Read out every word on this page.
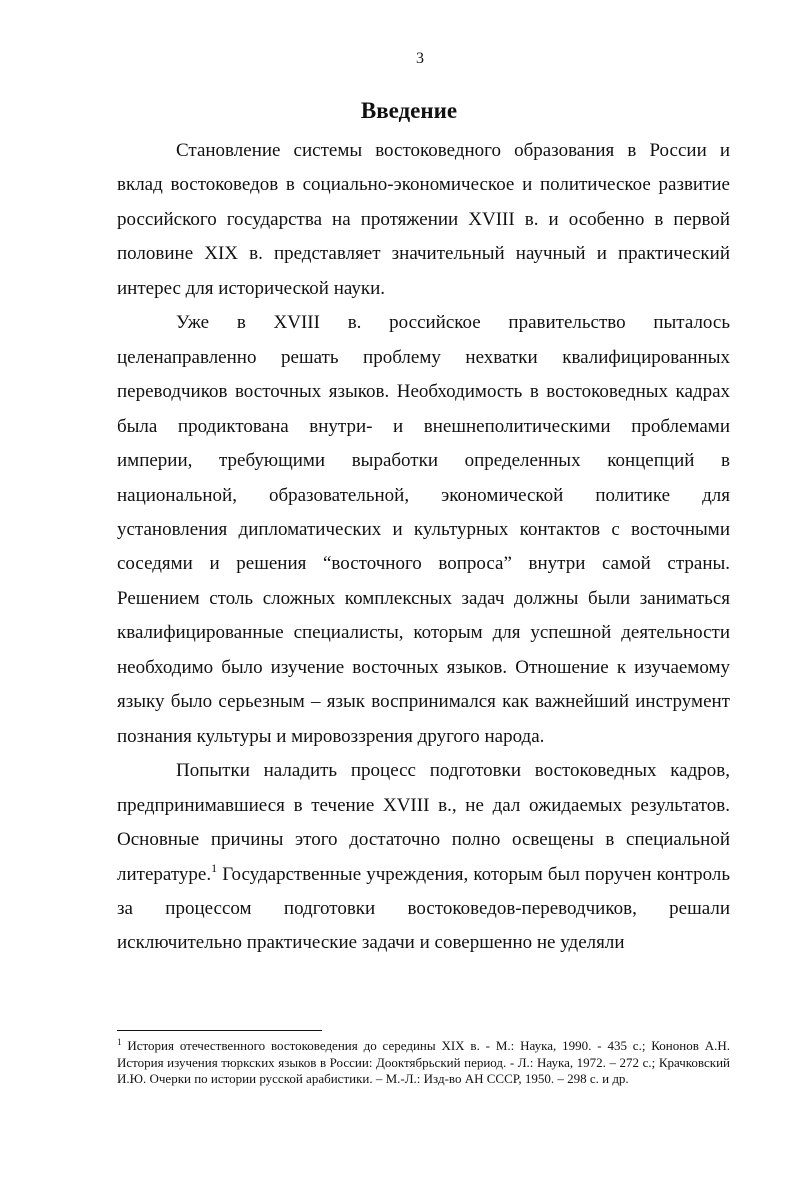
3
Введение

Становление системы востоковедного образования в России и вклад востоковедов в социально-экономическое и политическое развитие российского государства на протяжении XVIII в. и особенно в первой половине XIX в. представляет значительный научный и практический интерес для исторической науки.

Уже в XVIII в. российское правительство пыталось целенаправленно решать проблему нехватки квалифицированных переводчиков восточных языков. Необходимость в востоковедных кадрах была продиктована внутри- и внешнеполитическими проблемами империи, требующими выработки определенных концепций в национальной, образовательной, экономической политике для установления дипломатических и культурных контактов с восточными соседями и решения “восточного вопроса” внутри самой страны. Решением столь сложных комплексных задач должны были заниматься квалифицированные специалисты, которым для успешной деятельности необходимо было изучение восточных языков. Отношение к изучаемому языку было серьезным – язык воспринимался как важнейший инструмент познания культуры и мировоззрения другого народа.

Попытки наладить процесс подготовки востоковедных кадров, предпринимавшиеся в течение XVIII в., не дал ожидаемых результатов. Основные причины этого достаточно полно освещены в специальной литературе.$^1$ Государственные учреждения, которым был поручен контроль за процессом подготовки востоковедов-переводчиков, решали исключительно практические задачи и совершенно не уделяли

$^1$ История отечественного востоковедения до середины XIX в. - М.: Наука, 1990. - 435 с.; Кононов А.Н. История изучения тюркских языков в России: Дооктябрьский период. - Л.: Наука, 1972. – 272 с.; Крачковский И.Ю. Очерки по истории русской арабистики. – М.-Л.: Изд-во АН СССР, 1950. – 298 с. и др.
